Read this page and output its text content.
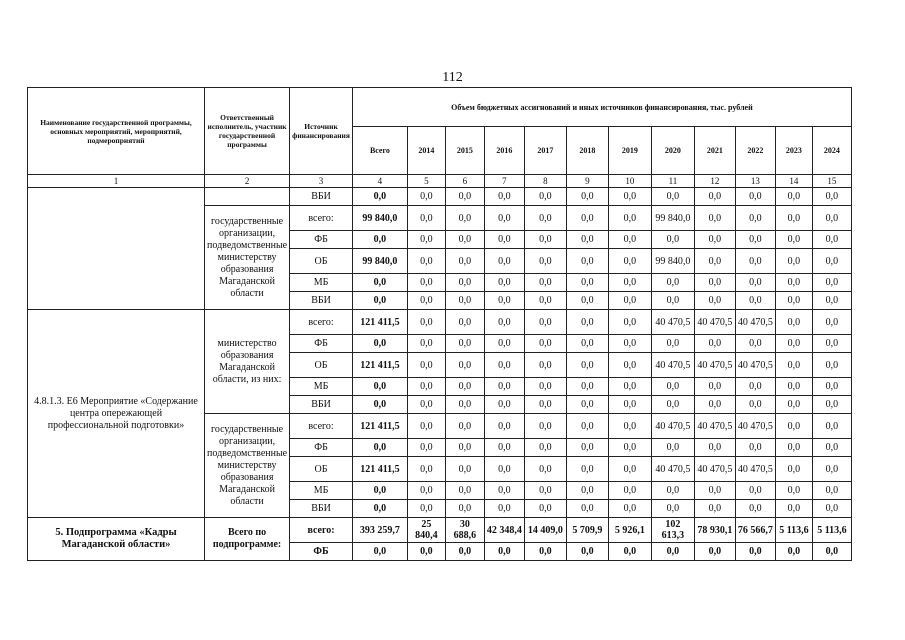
112
Наименование государственной программы, основных мероприятий, мероприятий, подмероприятий	Ответственный исполнитель, участник государственной программы	Источник финансирования	Объем бюджетных ассигнований и иных источников финансирования, тыс. рублей											
			Всего	2014	2015	2016	2017	2018	2019	2020	2021	2022	2023	2024
1	2	3	4	5	6	7	8	9	10	11	12	13	14	15
		ВБИ	0,0	0,0	0,0	0,0	0,0	0,0	0,0	0,0	0,0	0,0	0,0	0,0
	государственные организации, подведомственные министерству образования Магаданской области	всего:	99 840,0	0,0	0,0	0,0	0,0	0,0	0,0	99 840,0	0,0	0,0	0,0	0,0
		ФБ	0,0	0,0	0,0	0,0	0,0	0,0	0,0	0,0	0,0	0,0	0,0	0,0
		ОБ	99 840,0	0,0	0,0	0,0	0,0	0,0	0,0	99 840,0	0,0	0,0	0,0	0,0
		МБ	0,0	0,0	0,0	0,0	0,0	0,0	0,0	0,0	0,0	0,0	0,0	0,0
		ВБИ	0,0	0,0	0,0	0,0	0,0	0,0	0,0	0,0	0,0	0,0	0,0	0,0
4.8.1.3. Е6 Мероприятие «Содержание центра опережающей профессиональной подготовки»	министерство образования Магаданской области, из них:	всего:	121 411,5	0,0	0,0	0,0	0,0	0,0	0,0	40 470,5	40 470,5	40 470,5	0,0	0,0
		ФБ	0,0	0,0	0,0	0,0	0,0	0,0	0,0	0,0	0,0	0,0	0,0	0,0
		ОБ	121 411,5	0,0	0,0	0,0	0,0	0,0	0,0	40 470,5	40 470,5	40 470,5	0,0	0,0
		МБ	0,0	0,0	0,0	0,0	0,0	0,0	0,0	0,0	0,0	0,0	0,0	0,0
		ВБИ	0,0	0,0	0,0	0,0	0,0	0,0	0,0	0,0	0,0	0,0	0,0	0,0
	государственные организации, подведомственные министерству образования Магаданской области	всего:	121 411,5	0,0	0,0	0,0	0,0	0,0	0,0	40 470,5	40 470,5	40 470,5	0,0	0,0
		ФБ	0,0	0,0	0,0	0,0	0,0	0,0	0,0	0,0	0,0	0,0	0,0	0,0
		ОБ	121 411,5	0,0	0,0	0,0	0,0	0,0	0,0	40 470,5	40 470,5	40 470,5	0,0	0,0
		МБ	0,0	0,0	0,0	0,0	0,0	0,0	0,0	0,0	0,0	0,0	0,0	0,0
		ВБИ	0,0	0,0	0,0	0,0	0,0	0,0	0,0	0,0	0,0	0,0	0,0	0,0
5. Подпрограмма «Кадры Магаданской области»	Всего по подпрограмме:	всего:	393 259,7	25 840,4	30 688,6	42 348,4	14 409,0	5 709,9	5 926,1	102 613,3	78 930,1	76 566,7	5 113,6	5 113,6
		ФБ	0,0	0,0	0,0	0,0	0,0	0,0	0,0	0,0	0,0	0,0	0,0	0,0
